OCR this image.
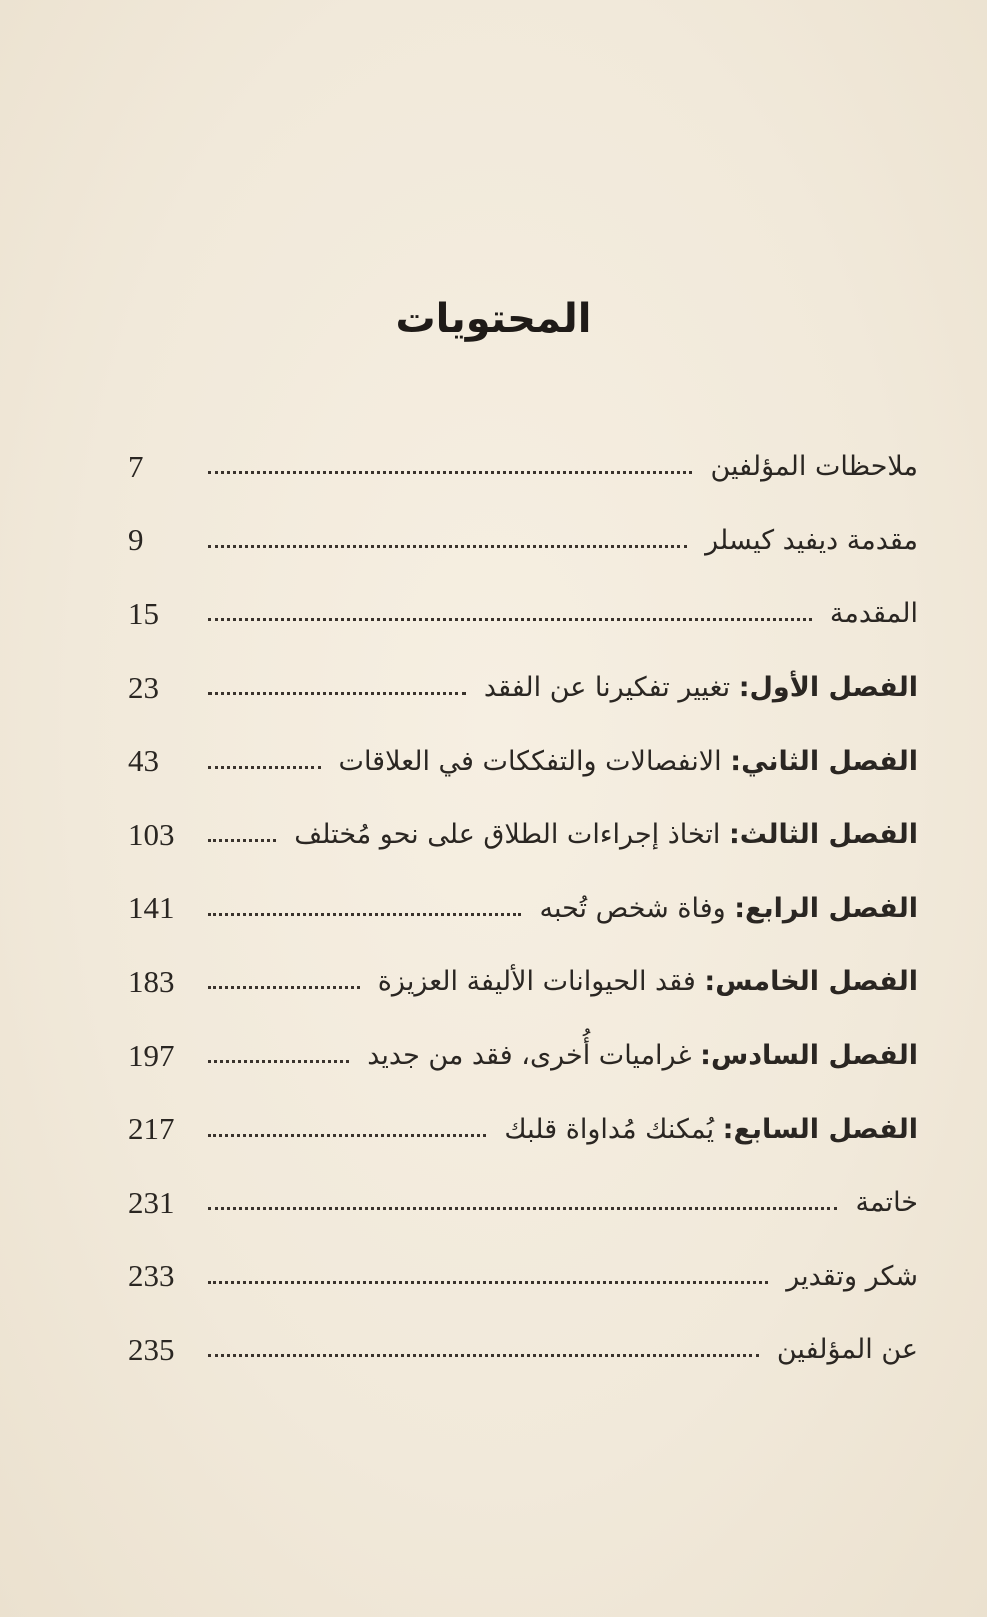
المحتويات
ملاحظات المؤلفين
7
مقدمة ديفيد كيسلر
9
المقدمة
15
الفصل الأول: تغيير تفكيرنا عن الفقد
23
الفصل الثاني: الانفصالات والتفككات في العلاقات
43
الفصل الثالث: اتخاذ إجراءات الطلاق على نحو مُختلف
103
الفصل الرابع: وفاة شخص تُحبه
141
الفصل الخامس: فقد الحيوانات الأليفة العزيزة
183
الفصل السادس: غراميات أُخرى، فقد من جديد
197
الفصل السابع: يُمكنك مُداواة قلبك
217
خاتمة
231
شكر وتقدير
233
عن المؤلفين
235
